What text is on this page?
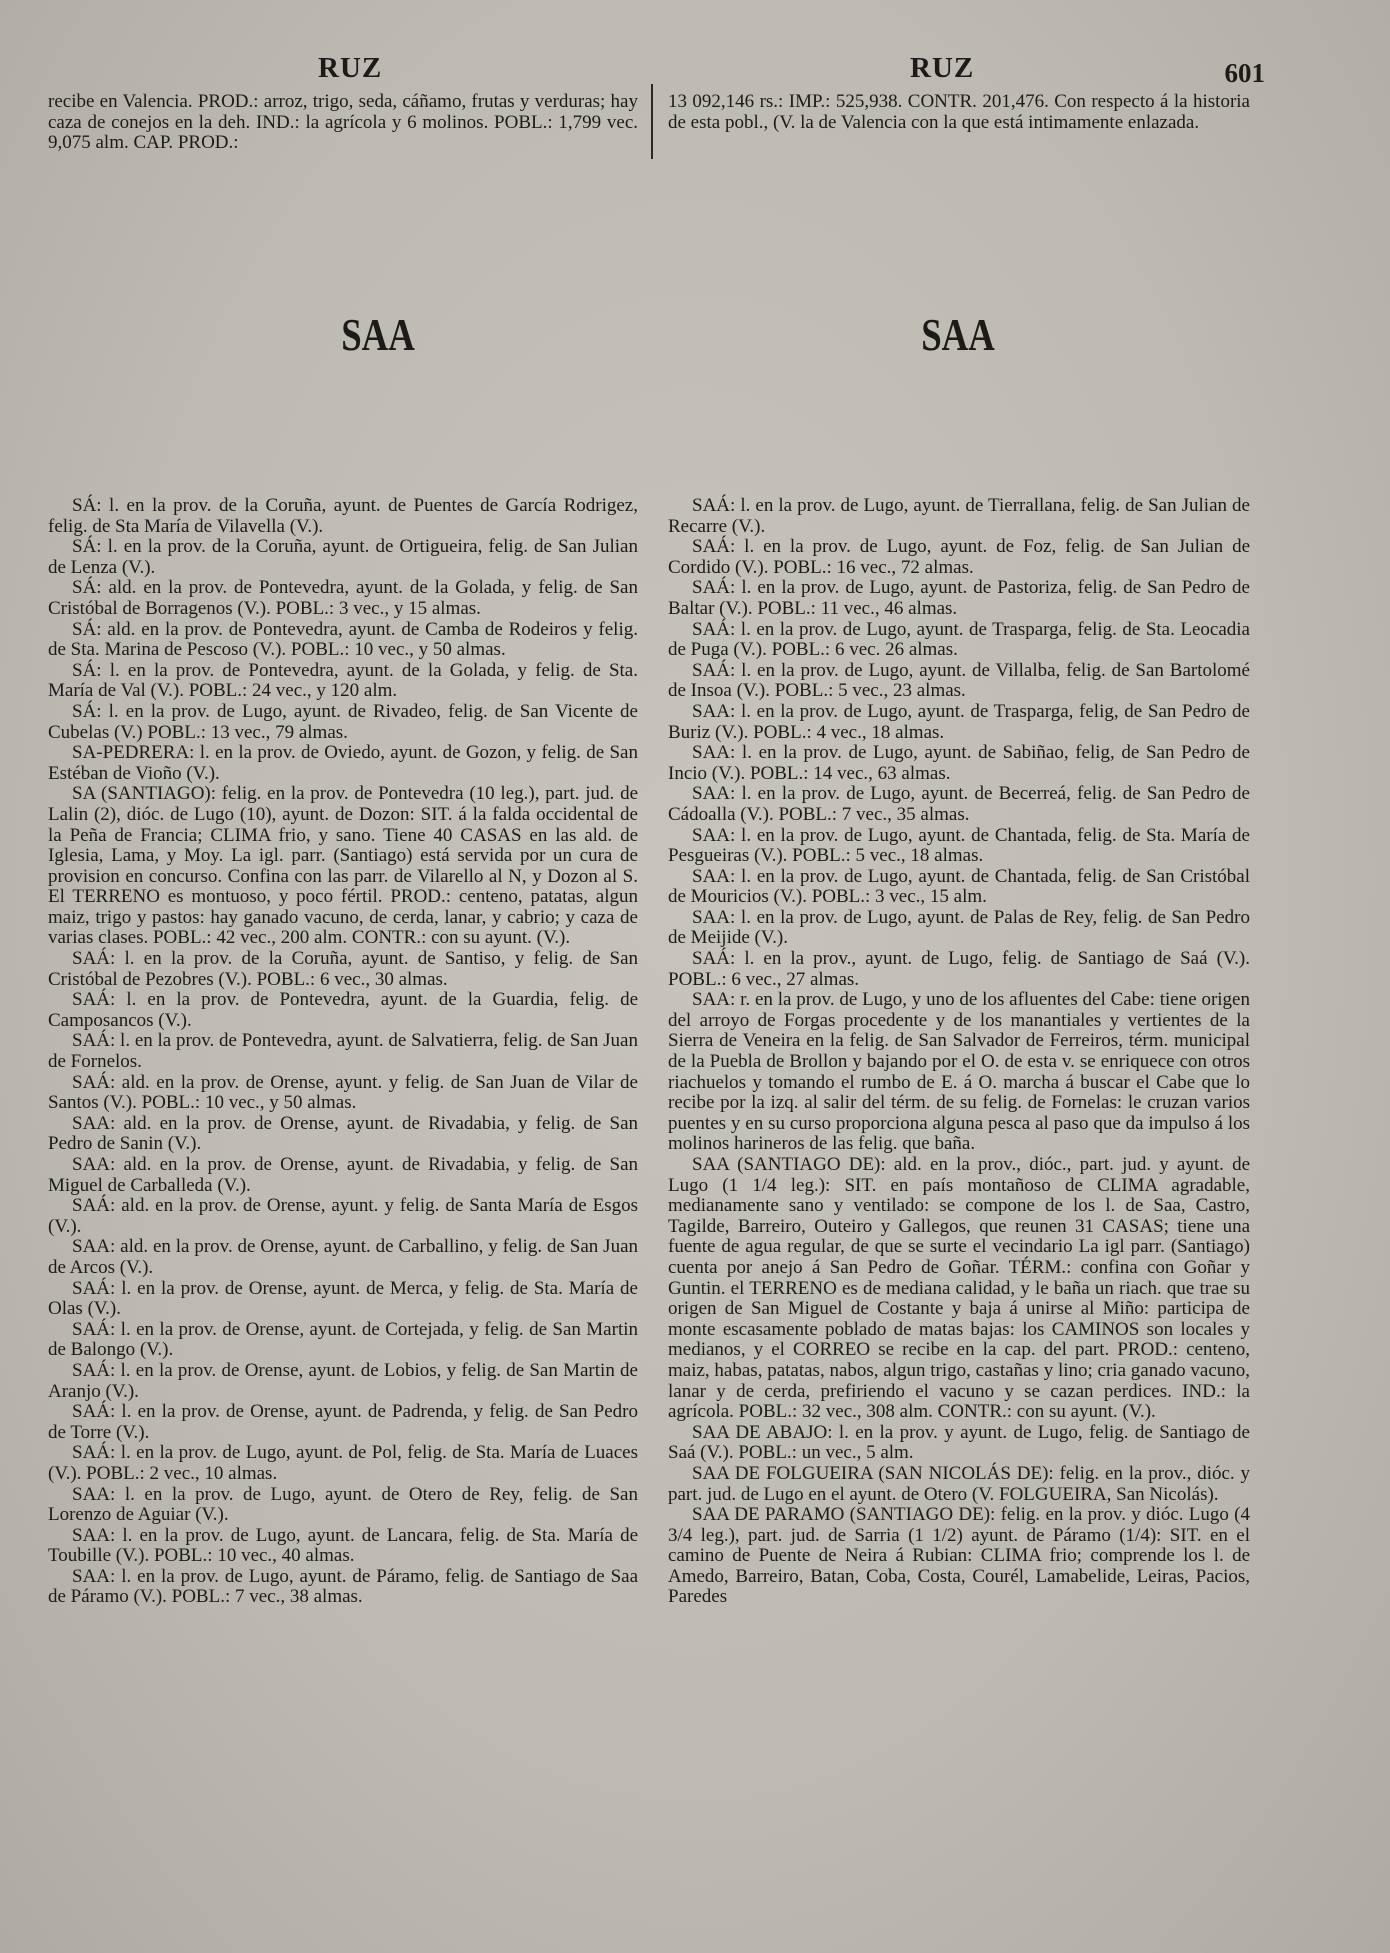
RUZ	RUZ	601

recibe en Valencia. PROD.: arroz, trigo, seda, cáñamo, frutas y verduras; hay caza de conejos en la deh. IND.: la agrícola y 6 molinos. POBL.: 1,799 vec. 9,075 alm. CAP. PROD.:

13 092,146 rs.: IMP.: 525,938. CONTR. 201,476. Con respecto á la historia de esta pobl., (V. la de Valencia con la que está intimamente enlazada.

SAA	SAA

SÁ: l. en la prov. de la Coruña, ayunt. de Puentes de García Rodrigez, felig. de Sta María de Vilavella (V.).

SÁ: l. en la prov. de la Coruña, ayunt. de Ortigueira, felig. de San Julian de Lenza (V.).

SÁ: ald. en la prov. de Pontevedra, ayunt. de la Golada, y felig. de San Cristóbal de Borragenos (V.). POBL.: 3 vec., y 15 almas.

SÁ: ald. en la prov. de Pontevedra, ayunt. de Camba de Rodeiros y felig. de Sta. Marina de Pescoso (V.). POBL.: 10 vec., y 50 almas.

SÁ: l. en la prov. de Pontevedra, ayunt. de la Golada, y felig. de Sta. María de Val (V.). POBL.: 24 vec., y 120 alm.

SÁ: l. en la prov. de Lugo, ayunt. de Rivadeo, felig. de San Vicente de Cubelas (V.) POBL.: 13 vec., 79 almas.

SA-PEDRERA: l. en la prov. de Oviedo, ayunt. de Gozon, y felig. de San Estéban de Vioño (V.).

SA (SANTIAGO): felig. en la prov. de Pontevedra (10 leg.), part. jud. de Lalin (2), dióc. de Lugo (10), ayunt. de Dozon: SIT. á la falda occidental de la Peña de Francia; CLIMA frio, y sano. Tiene 40 CASAS en las ald. de Iglesia, Lama, y Moy. La igl. parr. (Santiago) está servida por un cura de provision en concurso. Confina con las parr. de Vilarello al N, y Dozon al S. El TERRENO es montuoso, y poco fértil. PROD.: centeno, patatas, algun maiz, trigo y pastos: hay ganado vacuno, de cerda, lanar, y cabrio; y caza de varias clases. POBL.: 42 vec., 200 alm. CONTR.: con su ayunt. (V.).

SAÁ: l. en la prov. de la Coruña, ayunt. de Santiso, y felig. de San Cristóbal de Pezobres (V.). POBL.: 6 vec., 30 almas.

SAÁ: l. en la prov. de Pontevedra, ayunt. de la Guardia, felig. de Camposancos (V.).

SAÁ: l. en la prov. de Pontevedra, ayunt. de Salvatierra, felig. de San Juan de Fornelos.

SAÁ: ald. en la prov. de Orense, ayunt. y felig. de San Juan de Vilar de Santos (V.). POBL.: 10 vec., y 50 almas.

SAA: ald. en la prov. de Orense, ayunt. de Rivadabia, y felig. de San Pedro de Sanin (V.).

SAA: ald. en la prov. de Orense, ayunt. de Rivadabia, y felig. de San Miguel de Carballeda (V.).

SAÁ: ald. en la prov. de Orense, ayunt. y felig. de Santa María de Esgos (V.).

SAA: ald. en la prov. de Orense, ayunt. de Carballino, y felig. de San Juan de Arcos (V.).

SAÁ: l. en la prov. de Orense, ayunt. de Merca, y felig. de Sta. María de Olas (V.).

SAÁ: l. en la prov. de Orense, ayunt. de Cortejada, y felig. de San Martin de Balongo (V.).

SAÁ: l. en la prov. de Orense, ayunt. de Lobios, y felig. de San Martin de Aranjo (V.).

SAÁ: l. en la prov. de Orense, ayunt. de Padrenda, y felig. de San Pedro de Torre (V.).

SAÁ: l. en la prov. de Lugo, ayunt. de Pol, felig. de Sta. María de Luaces (V.). POBL.: 2 vec., 10 almas.

SAA: l. en la prov. de Lugo, ayunt. de Otero de Rey, felig. de San Lorenzo de Aguiar (V.).

SAA: l. en la prov. de Lugo, ayunt. de Lancara, felig. de Sta. María de Toubille (V.). POBL.: 10 vec., 40 almas.

SAA: l. en la prov. de Lugo, ayunt. de Páramo, felig. de Santiago de Saa de Páramo (V.). POBL.: 7 vec., 38 almas.

SAÁ: l. en la prov. de Lugo, ayunt. de Tierrallana, felig. de San Julian de Recarre (V.).

SAÁ: l. en la prov. de Lugo, ayunt. de Foz, felig. de San Julian de Cordido (V.). POBL.: 16 vec., 72 almas.

SAÁ: l. en la prov. de Lugo, ayunt. de Pastoriza, felig. de San Pedro de Baltar (V.). POBL.: 11 vec., 46 almas.

SAÁ: l. en la prov. de Lugo, ayunt. de Trasparga, felig. de Sta. Leocadia de Puga (V.). POBL.: 6 vec. 26 almas.

SAÁ: l. en la prov. de Lugo, ayunt. de Villalba, felig. de San Bartolomé de Insoa (V.). POBL.: 5 vec., 23 almas.

SAA: l. en la prov. de Lugo, ayunt. de Trasparga, felig, de San Pedro de Buriz (V.). POBL.: 4 vec., 18 almas.

SAA: l. en la prov. de Lugo, ayunt. de Sabiñao, felig, de San Pedro de Incio (V.). POBL.: 14 vec., 63 almas.

SAA: l. en la prov. de Lugo, ayunt. de Becerreá, felig. de San Pedro de Cádoalla (V.). POBL.: 7 vec., 35 almas.

SAA: l. en la prov. de Lugo, ayunt. de Chantada, felig. de Sta. María de Pesgueiras (V.). POBL.: 5 vec., 18 almas.

SAA: l. en la prov. de Lugo, ayunt. de Chantada, felig. de San Cristóbal de Mouricios (V.). POBL.: 3 vec., 15 alm.

SAA: l. en la prov. de Lugo, ayunt. de Palas de Rey, felig. de San Pedro de Meijide (V.).

SAÁ: l. en la prov., ayunt. de Lugo, felig. de Santiago de Saá (V.). POBL.: 6 vec., 27 almas.

SAA: r. en la prov. de Lugo, y uno de los afluentes del Cabe: tiene origen del arroyo de Forgas procedente y de los manantiales y vertientes de la Sierra de Veneira en la felig. de San Salvador de Ferreiros, térm. municipal de la Puebla de Brollon y bajando por el O. de esta v. se enriquece con otros riachuelos y tomando el rumbo de E. á O. marcha á buscar el Cabe que lo recibe por la izq. al salir del térm. de su felig. de Fornelas: le cruzan varios puentes y en su curso proporciona alguna pesca al paso que da impulso á los molinos harineros de las felig. que baña.

SAA (SANTIAGO DE): ald. en la prov., dióc., part. jud. y ayunt. de Lugo (1 1/4 leg.): SIT. en país montañoso de CLIMA agradable, medianamente sano y ventilado: se compone de los l. de Saa, Castro, Tagilde, Barreiro, Outeiro y Gallegos, que reunen 31 CASAS; tiene una fuente de agua regular, de que se surte el vecindario La igl parr. (Santiago) cuenta por anejo á San Pedro de Goñar. TÉRM.: confina con Goñar y Guntin. el TERRENO es de mediana calidad, y le baña un riach. que trae su origen de San Miguel de Costante y baja á unirse al Miño: participa de monte escasamente poblado de matas bajas: los CAMINOS son locales y medianos, y el CORREO se recibe en la cap. del part. PROD.: centeno, maiz, habas, patatas, nabos, algun trigo, castañas y lino; cria ganado vacuno, lanar y de cerda, prefiriendo el vacuno y se cazan perdices. IND.: la agrícola. POBL.: 32 vec., 308 alm. CONTR.: con su ayunt. (V.).

SAA DE ABAJO: l. en la prov. y ayunt. de Lugo, felig. de Santiago de Saá (V.). POBL.: un vec., 5 alm.

SAA DE FOLGUEIRA (SAN NICOLÁS DE): felig. en la prov., dióc. y part. jud. de Lugo en el ayunt. de Otero (V. FOLGUEIRA, San Nicolás).

SAA DE PARAMO (SANTIAGO DE): felig. en la prov. y dióc. Lugo (4 3/4 leg.), part. jud. de Sarria (1 1/2) ayunt. de Páramo (1/4): SIT. en el camino de Puente de Neira á Rubian: CLIMA frio; comprende los l. de Amedo, Barreiro, Batan, Coba, Costa, Courél, Lamabelide, Leiras, Pacios, Paredes
